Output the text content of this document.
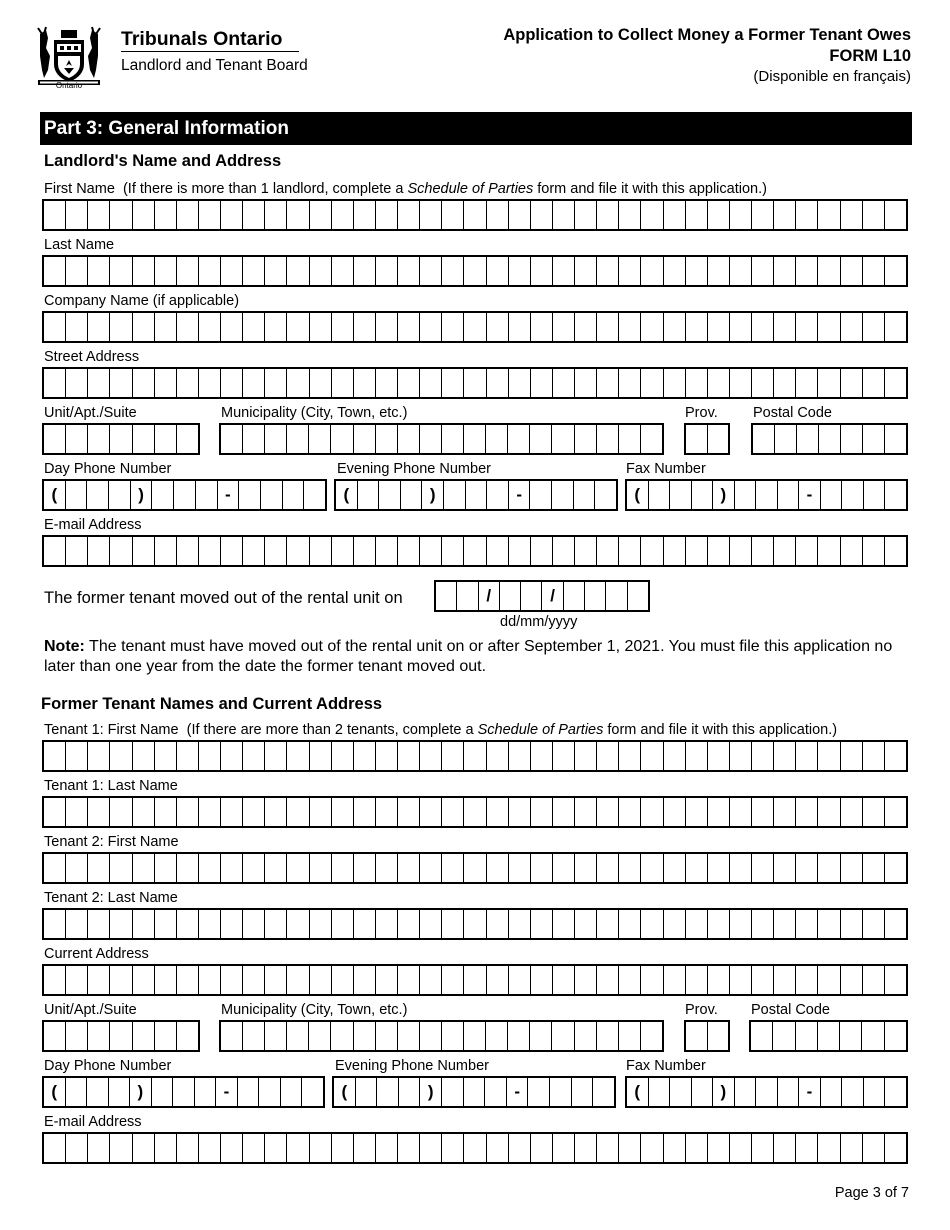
Ontario
Tribunals Ontario
Landlord and Tenant Board
Application to Collect Money a Former Tenant Owes
FORM L10
(Disponible en français)
Part 3: General Information
Landlord's Name and Address
First Name (If there is more than 1 landlord, complete a Schedule of Parties form and file it with this application.)
Last Name
Company Name (if applicable)
Street Address
Unit/Apt./Suite	Municipality (City, Town, etc.)	Prov. Postal Code
Day Phone Number	Evening Phone Number	Fax Number
(	)	-	(	)	-	(	)	-
E-mail Address
The former tenant moved out of the rental unit on	/	/
dd/mm/yyyy
Note: The tenant must have moved out of the rental unit on or after September 1, 2021. You must file this application no later than one year from the date the former tenant moved out.
Former Tenant Names and Current Address
Tenant 1: First Name (If there are more than 2 tenants, complete a Schedule of Parties form and file it with this application.)
Tenant 1: Last Name
Tenant 2: First Name
Tenant 2: Last Name
Current Address
Unit/Apt./Suite	Municipality (City, Town, etc.)	Prov. Postal Code
Day Phone Number	Evening Phone Number	Fax Number
(	)	-	(	)	-	(	)	-
E-mail Address
Page 3 of 7
